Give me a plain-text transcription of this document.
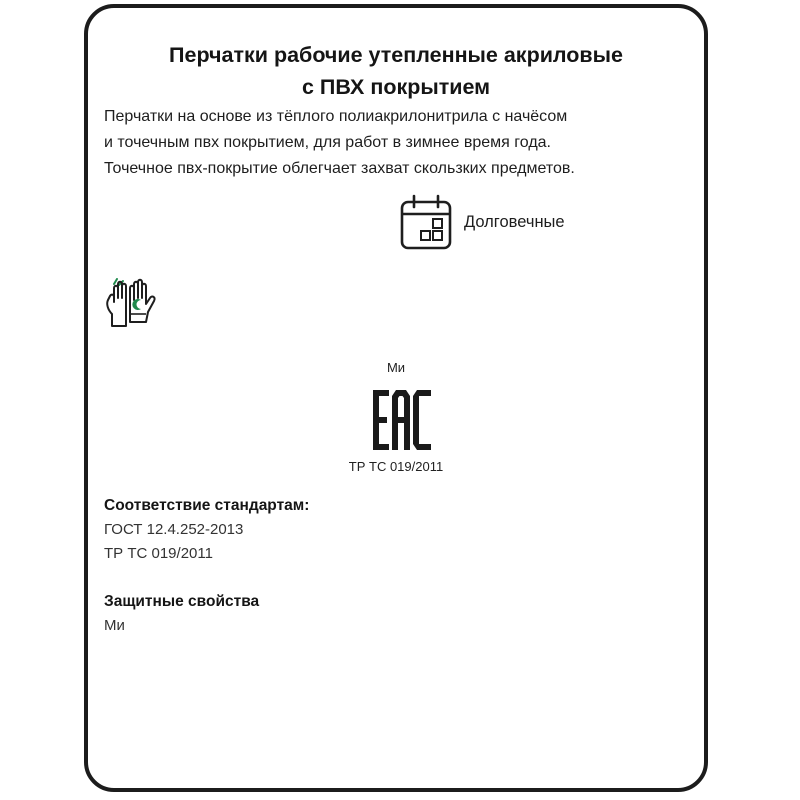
Перчатки рабочие утепленные акриловые
с ПВХ покрытием

Перчатки на основе из тёплого полиакрилонитрила с начёсом
и точечным пвх покрытием, для работ в зимнее время года.
Точечное пвх-покрытие облегчает захват скользких предметов.

Долговечные
Ми
ТР ТС 019/2011
Соответствие стандартам:
ГОСТ 12.4.252-2013
ТР ТС 019/2011
Защитные свойства
Ми
